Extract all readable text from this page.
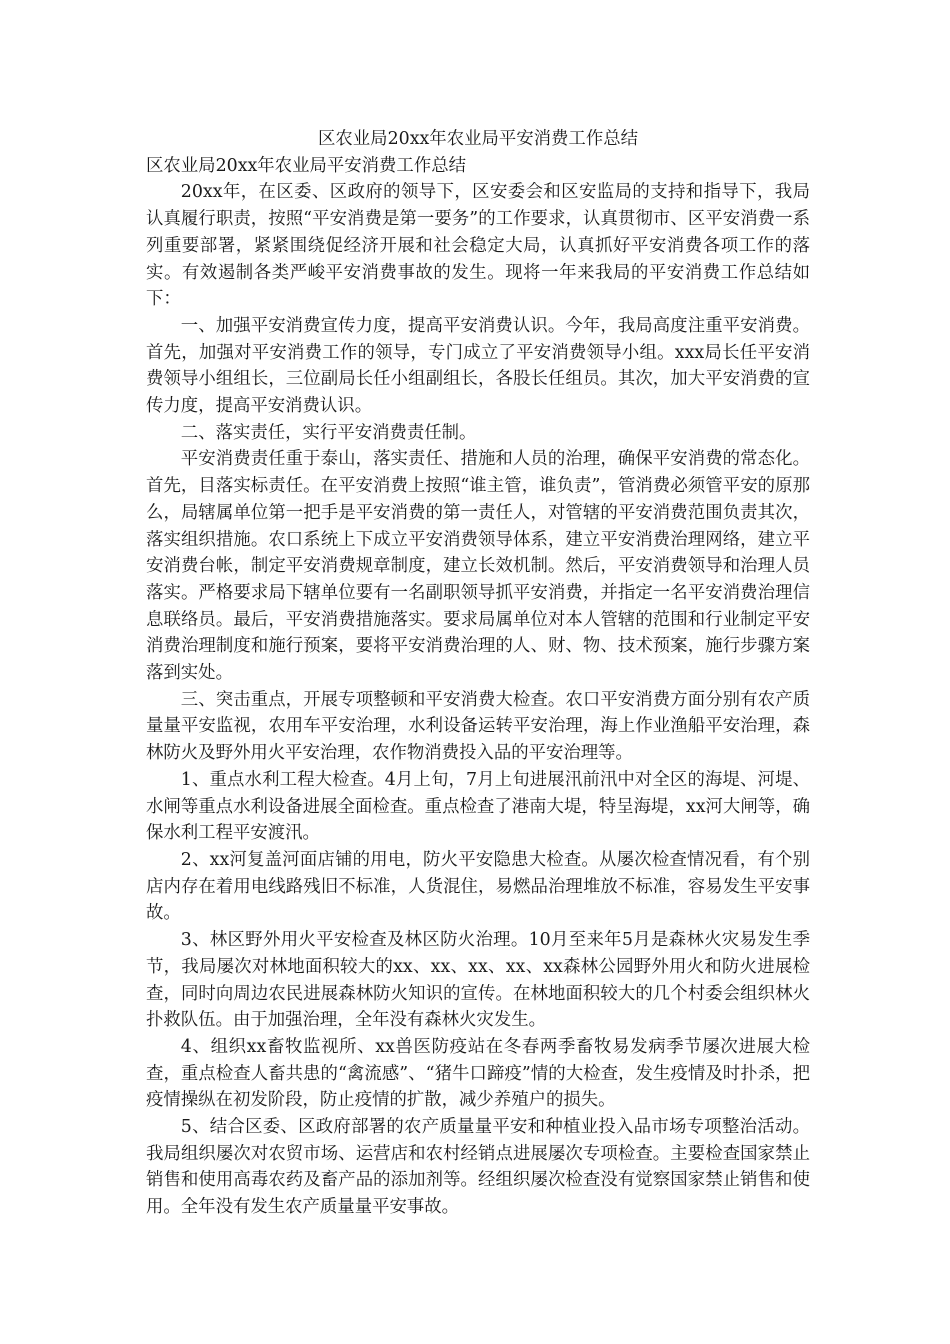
区农业局20xx年农业局平安消费工作总结

区农业局20xx年农业局平安消费工作总结

20xx年，在区委、区政府的领导下，区安委会和区安监局的支持和指导下，我局认真履行职责，按照“平安消费是第一要务”的工作要求，认真贯彻市、区平安消费一系列重要部署，紧紧围绕促经济开展和社会稳定大局，认真抓好平安消费各项工作的落实。有效遏制各类严峻平安消费事故的发生。现将一年来我局的平安消费工作总结如下：

一、加强平安消费宣传力度，提高平安消费认识。今年，我局高度注重平安消费。首先，加强对平安消费工作的领导，专门成立了平安消费领导小组。xxx局长任平安消费领导小组组长，三位副局长任小组副组长，各股长任组员。其次，加大平安消费的宣传力度，提高平安消费认识。

二、落实责任，实行平安消费责任制。

平安消费责任重于泰山，落实责任、措施和人员的治理，确保平安消费的常态化。首先，目落实标责任。在平安消费上按照“谁主管，谁负责”，管消费必须管平安的原那么，局辖属单位第一把手是平安消费的第一责任人，对管辖的平安消费范围负责其次，落实组织措施。农口系统上下成立平安消费领导体系，建立平安消费治理网络，建立平安消费台帐，制定平安消费规章制度，建立长效机制。然后，平安消费领导和治理人员落实。严格要求局下辖单位要有一名副职领导抓平安消费，并指定一名平安消费治理信息联络员。最后，平安消费措施落实。要求局属单位对本人管辖的范围和行业制定平安消费治理制度和施行预案，要将平安消费治理的人、财、物、技术预案，施行步骤方案落到实处。

三、突击重点，开展专项整顿和平安消费大检查。农口平安消费方面分别有农产质量量平安监视，农用车平安治理，水利设备运转平安治理，海上作业渔船平安治理，森林防火及野外用火平安治理，农作物消费投入品的平安治理等。

1、重点水利工程大检查。4月上旬，7月上旬进展汛前汛中对全区的海堤、河堤、水闸等重点水利设备进展全面检查。重点检查了港南大堤，特呈海堤，xx河大闸等，确保水利工程平安渡汛。

2、xx河复盖河面店铺的用电，防火平安隐患大检查。从屡次检查情况看，有个别店内存在着用电线路残旧不标准，人货混住，易燃品治理堆放不标准，容易发生平安事故。

3、林区野外用火平安检查及林区防火治理。10月至来年5月是森林火灾易发生季节，我局屡次对林地面积较大的xx、xx、xx、xx、xx森林公园野外用火和防火进展检查，同时向周边农民进展森林防火知识的宣传。在林地面积较大的几个村委会组织林火扑救队伍。由于加强治理，全年没有森林火灾发生。

4、组织xx畜牧监视所、xx兽医防疫站在冬春两季畜牧易发病季节屡次进展大检查，重点检查人畜共患的“禽流感”、“猪牛口蹄疫”情的大检查，发生疫情及时扑杀，把疫情操纵在初发阶段，防止疫情的扩散，减少养殖户的损失。

5、结合区委、区政府部署的农产质量量平安和种植业投入品市场专项整治活动。我局组织屡次对农贸市场、运营店和农村经销点进展屡次专项检查。主要检查国家禁止销售和使用高毒农药及畜产品的添加剂等。经组织屡次检查没有觉察国家禁止销售和使用。全年没有发生农产质量量平安事故。
